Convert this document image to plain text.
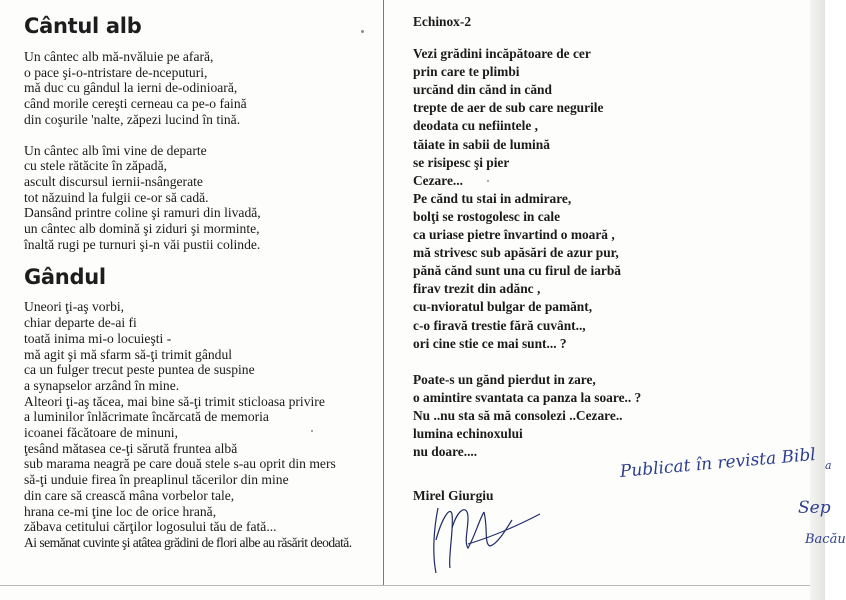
Cântul alb
Un cântec alb mă-nvăluie pe afară,
o pace şi-o-ntristare de-nceputuri,
mă duc cu gândul la ierni de-odinioară,
când morile cereşti cerneau ca pe-o faină
din coşurile 'nalte, zăpezi lucind în tină.
Un cântec alb îmi vine de departe
cu stele rătăcite în zăpadă,
ascult discursul iernii-nsângerate
tot năzuind la fulgii ce-or să cadă.
Dansând printre coline şi ramuri din livadă,
un cântec alb domină şi ziduri şi morminte,
înaltă rugi pe turnuri şi-n văi pustii colinde.
Gândul
Uneori ţi-aş vorbi,
chiar departe de-ai fi
toată inima mi-o locuieşti -
mă agit şi mă sfarm să-ţi trimit gândul
ca un fulger trecut peste puntea de suspine
a synapselor arzând în mine.
Alteori ţi-aş tăcea, mai bine să-ţi trimit sticloasa privire
a luminilor înlăcrimate încărcată de memoria
icoanei făcătoare de minuni,
ţesând mătasea ce-ţi sărută fruntea albă
sub marama neagră pe care două stele s-au oprit din mers
să-ţi unduie firea în preaplinul tăcerilor din mine
din care să crească mâna vorbelor tale,
hrana ce-mi ţine loc de orice hrană,
zăbava cetitului cărţilor logosului tău de fată...
Ai semănat cuvinte şi atâtea grădini de flori albe au răsărit deodată.
Echinox-2
Vezi grădini incăpătoare de cer
prin care te plimbi
urcănd din cănd in cănd
trepte de aer de sub care negurile
deodata cu nefiintele ,
tăiate in sabii de lumină
se risipesc şi pier
Cezare...
Pe cănd tu stai in admirare,
bolţi se rostogolesc in cale
ca uriase pietre învartind o moară ,
mă strivesc sub apăsări de azur pur,
pănă cănd sunt una cu firul de iarbă
firav trezit din adănc ,
cu-nvioratul bulgar de pamănt,
c-o firavă trestie fără cuvânt..,
ori cine stie ce mai sunt... ?
Poate-s un gănd pierdut in zare,
o amintire svantata ca panza la soare.. ?
Nu ..nu sta să mă consolezi ..Cezare..
lumina echinoxului
nu doare....
Mirel Giurgiu
Publicat în revista Bibl a
Sep
Bacău
